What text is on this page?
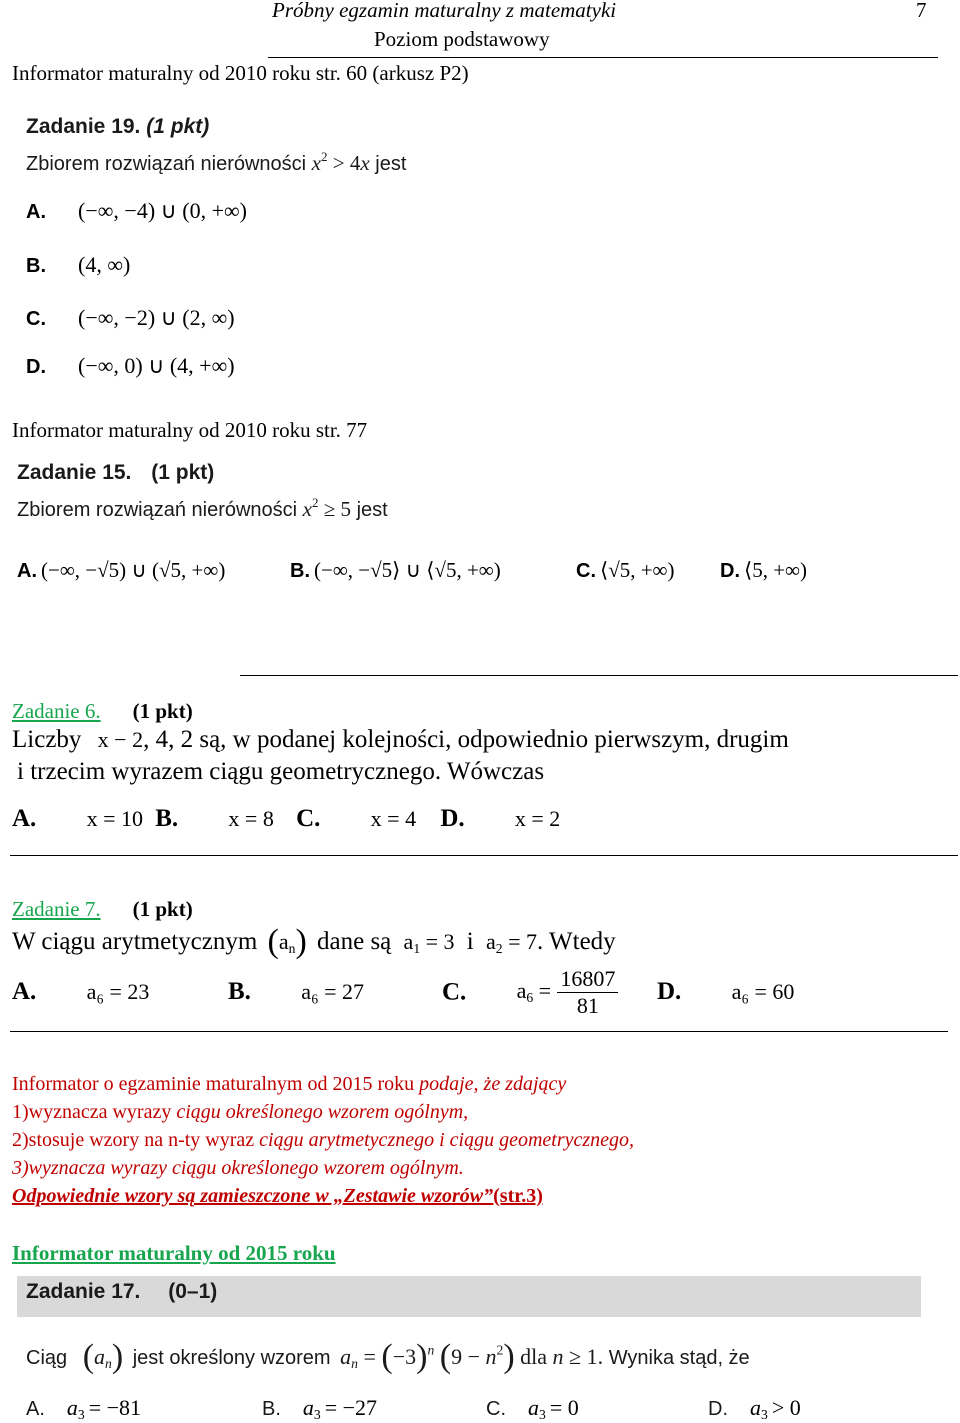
Próbny egzamin maturalny z matematyki
Poziom podstawowy
7
Informator maturalny od 2010 roku str. 60 (arkusz P2)
Zadanie 19. (1 pkt)
Zbiorem rozwiązań nierówności $x^2 > 4x$ jest
A. (−∞, −4) ∪ (0, +∞)
B. (4, ∞)
C. (−∞, −2) ∪ (2, ∞)
D. (−∞, 0) ∪ (4, +∞)
Informator maturalny od 2010 roku str. 77
Zadanie 15. (1 pkt)
Zbiorem rozwiązań nierówności $x^2 \ge 5$ jest
A. (−∞, −√5) ∪ (√5, +∞)	B. (−∞, −√5⟩ ∪ ⟨√5, +∞)	C. ⟨√5, +∞) D. ⟨5, +∞)
Zadanie 6. (1 pkt)
Liczby x − 2, 4, 2 są, w podanej kolejności, odpowiednio pierwszym, drugim
i trzecim wyrazem ciągu geometrycznego. Wówczas
A. x = 10 B. x = 8 C. x = 4 D. x = 2
Zadanie 7. (1 pkt)
W ciągu arytmetycznym $(a_n)$ dane są $a_1 = 3$ i $a_2 = 7$. Wtedy
A. a₆ = 23	B. a₆ = 27	C. $a_6 = \frac{16807}{81} D$. a₆ = 60
Informator o egzaminie maturalnym od 2015 roku podaje, że zdający
1)wyznacza wyrazy ciągu określonego wzorem ogólnym,
2)stosuje wzory na n-ty wyraz ciągu arytmetycznego i ciągu geometrycznego,
3)wyznacza wyrazy ciągu określonego wzorem ogólnym.
Odpowiednie wzory są zamieszczone w „Zestawie wzorów”(str.3)
Informator maturalny od 2015 roku
Zadanie 17. (0–1)
Ciąg $(a_n)$ jest określony wzorem $a_n = (-3)^n$ $(9 - n^2)$ dla n ≥ 1. Wynika stąd, że
A. $a_3 = -81$	B. $a_3 = -27$	C. $a_3 = 0$	D. $a_3 > 0$
